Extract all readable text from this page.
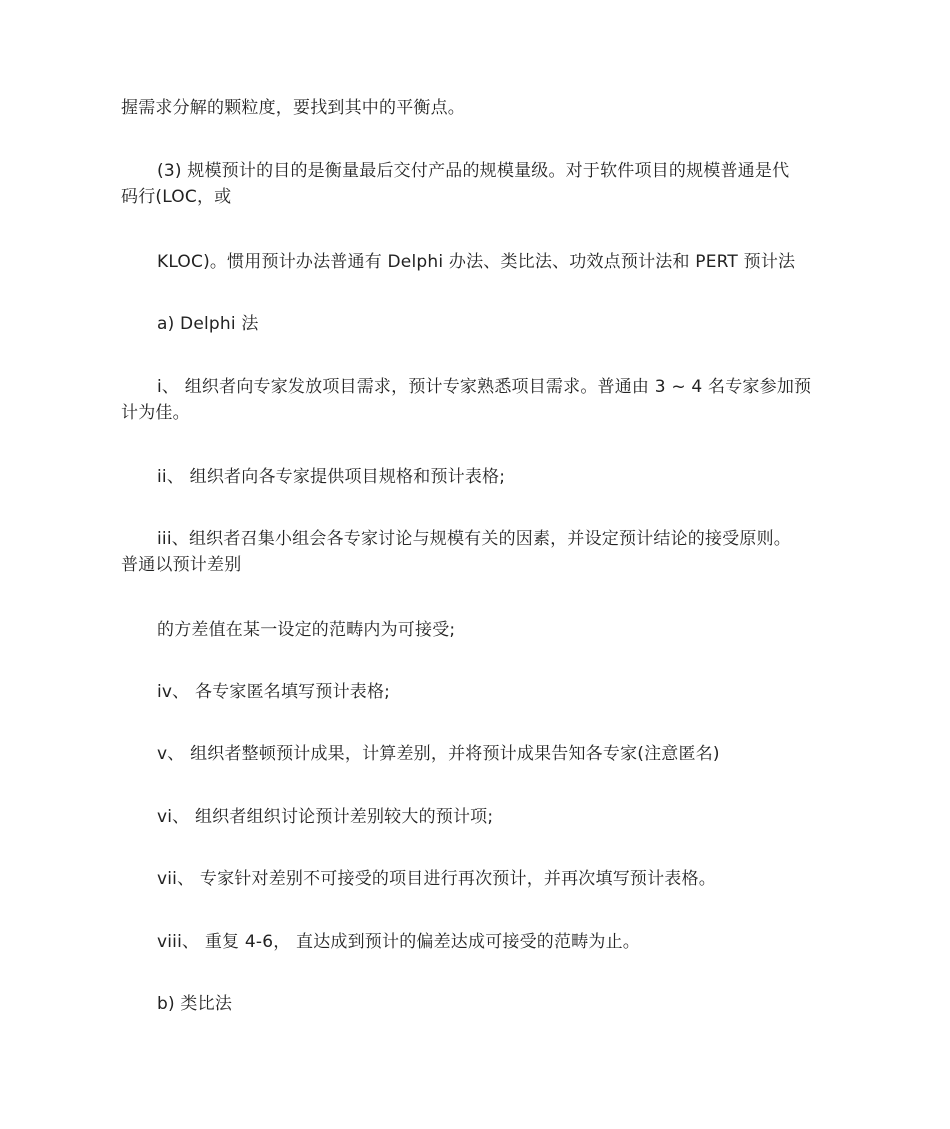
握需求分解的颗粒度，要找到其中的平衡点。

(3) 规模预计的目的是衡量最后交付产品的规模量级。对于软件项目的规模普通是代
码行(LOC，或

KLOC)。惯用预计办法普通有 Delphi 办法、类比法、功效点预计法和 PERT 预计法

a) Delphi 法

i、 组织者向专家发放项目需求，预计专家熟悉项目需求。普通由 3 ~ 4 名专家参加预
计为佳。

ii、 组织者向各专家提供项目规格和预计表格;

iii、组织者召集小组会各专家讨论与规模有关的因素，并设定预计结论的接受原则。
普通以预计差别

的方差值在某一设定的范畴内为可接受;

iv、 各专家匿名填写预计表格;

v、 组织者整顿预计成果，计算差别，并将预计成果告知各专家(注意匿名)

vi、 组织者组织讨论预计差别较大的预计项;

vii、 专家针对差别不可接受的项目进行再次预计，并再次填写预计表格。

viii、 重复 4-6， 直达成到预计的偏差达成可接受的范畴为止。

b) 类比法
